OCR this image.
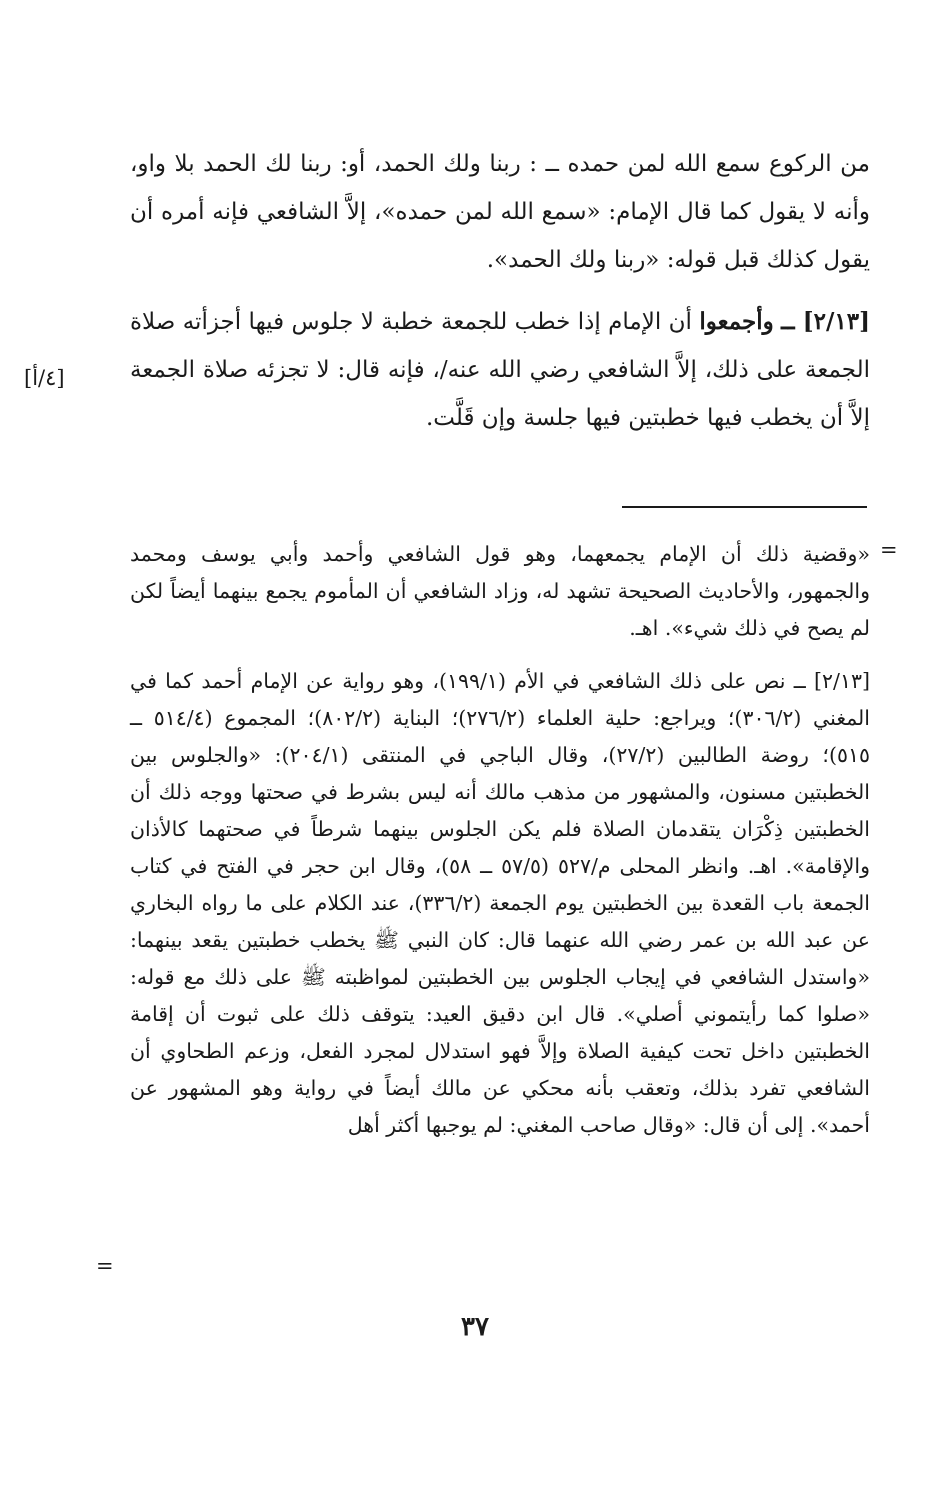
من الركوع سمع الله لمن حمده ــ : ربنا ولك الحمد، أو: ربنا لك الحمد بلا واو، وأنه لا يقول كما قال الإمام: «سمع الله لمن حمده»، إلاَّ الشافعي فإنه أمره أن يقول كذلك قبل قوله: «ربنا ولك الحمد».

[٢/١٣] ــ وأجمعوا أن الإمام إذا خطب للجمعة خطبة لا جلوس فيها أجزأته صلاة الجمعة على ذلك، إلاَّ الشافعي رضي الله عنه/، فإنه قال: لا تجزئه صلاة الجمعة إلاَّ أن يخطب فيها خطبتين فيها جلسة وإن قَلَّت.

[٤/أ]
=

«وقضية ذلك أن الإمام يجمعهما، وهو قول الشافعي وأحمد وأبي يوسف ومحمد والجمهور، والأحاديث الصحيحة تشهد له، وزاد الشافعي أن المأموم يجمع بينهما أيضاً لكن لم يصح في ذلك شيء». اهـ.

[٢/١٣] ــ نص على ذلك الشافعي في الأم (١٩٩/١)، وهو رواية عن الإمام أحمد كما في المغني (٣٠٦/٢)؛ ويراجع: حلية العلماء (٢٧٦/٢)؛ البناية (٨٠٢/٢)؛ المجموع (٥١٤/٤ ــ ٥١٥)؛ روضة الطالبين (٢٧/٢)، وقال الباجي في المنتقى (٢٠٤/١): «والجلوس بين الخطبتين مسنون، والمشهور من مذهب مالك أنه ليس بشرط في صحتها ووجه ذلك أن الخطبتين ذِكْرَان يتقدمان الصلاة فلم يكن الجلوس بينهما شرطاً في صحتهما كالأذان والإقامة». اهـ. وانظر المحلى م/٥٢٧ (٥٧/٥ ــ ٥٨)، وقال ابن حجر في الفتح في كتاب الجمعة باب القعدة بين الخطبتين يوم الجمعة (٣٣٦/٢)، عند الكلام على ما رواه البخاري عن عبد الله بن عمر رضي الله عنهما قال: كان النبي ﷺ يخطب خطبتين يقعد بينهما: «واستدل الشافعي في إيجاب الجلوس بين الخطبتين لمواظبته ﷺ على ذلك مع قوله: «صلوا كما رأيتموني أصلي». قال ابن دقيق العيد: يتوقف ذلك على ثبوت أن إقامة الخطبتين داخل تحت كيفية الصلاة وإلاَّ فهو استدلال لمجرد الفعل، وزعم الطحاوي أن الشافعي تفرد بذلك، وتعقب بأنه محكي عن مالك أيضاً في رواية وهو المشهور عن أحمد». إلى أن قال: «وقال صاحب المغني: لم يوجبها أكثر أهل

=
٣٧
